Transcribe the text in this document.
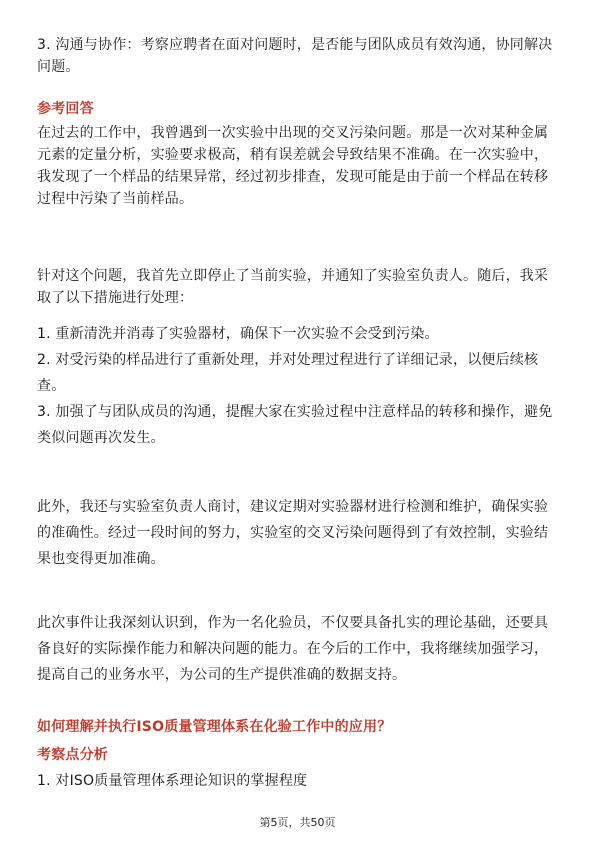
3. 沟通与协作：考察应聘者在面对问题时，是否能与团队成员有效沟通，协同解决
问题。
参考回答
在过去的工作中，我曾遇到一次实验中出现的交叉污染问题。那是一次对某种金属
元素的定量分析，实验要求极高，稍有误差就会导致结果不准确。在一次实验中，
我发现了一个样品的结果异常，经过初步排查，发现可能是由于前一个样品在转移
过程中污染了当前样品。
针对这个问题，我首先立即停止了当前实验，并通知了实验室负责人。随后，我采
取了以下措施进行处理：
1. 重新清洗并消毒了实验器材，确保下一次实验不会受到污染。
2. 对受污染的样品进行了重新处理，并对处理过程进行了详细记录，以便后续核
查。
3. 加强了与团队成员的沟通，提醒大家在实验过程中注意样品的转移和操作，避免
类似问题再次发生。
此外，我还与实验室负责人商讨，建议定期对实验器材进行检测和维护，确保实验
的准确性。经过一段时间的努力，实验室的交叉污染问题得到了有效控制，实验结
果也变得更加准确。
此次事件让我深刻认识到，作为一名化验员，不仅要具备扎实的理论基础，还要具
备良好的实际操作能力和解决问题的能力。在今后的工作中，我将继续加强学习，
提高自己的业务水平，为公司的生产提供准确的数据支持。
如何理解并执行ISO质量管理体系在化验工作中的应用？
考察点分析
1. 对ISO质量管理体系理论知识的掌握程度
第5页，共50页
